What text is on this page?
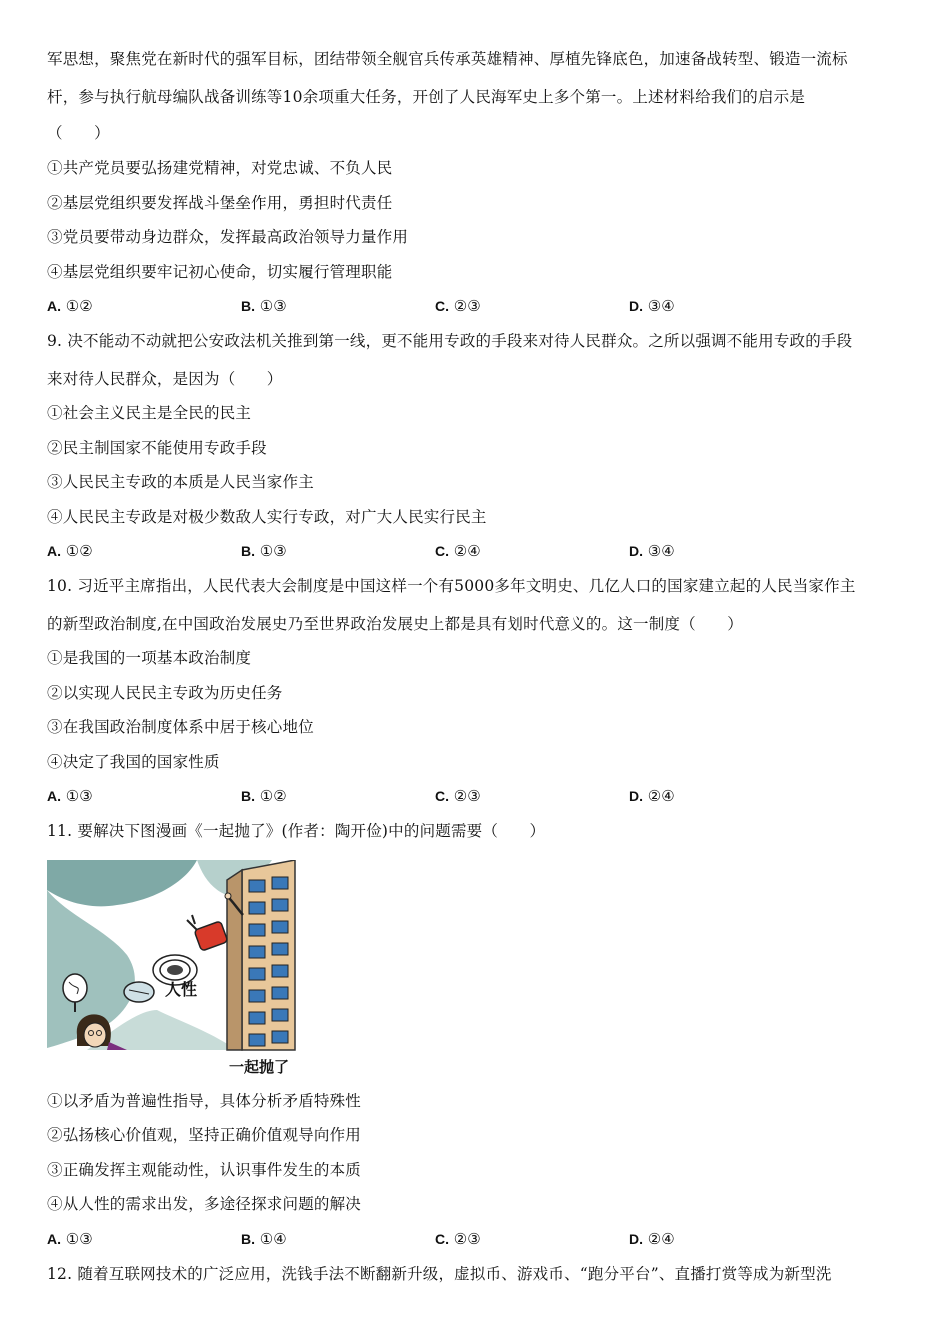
军思想，聚焦党在新时代的强军目标，团结带领全舰官兵传承英雄精神、厚植先锋底色，加速备战转型、锻造一流标
杆，参与执行航母编队战备训练等10余项重大任务，开创了人民海军史上多个第一。上述材料给我们的启示是
（　　）
①共产党员要弘扬建党精神，对党忠诚、不负人民
②基层党组织要发挥战斗堡垒作用，勇担时代责任
③党员要带动身边群众，发挥最高政治领导力量作用
④基层党组织要牢记初心使命，切实履行管理职能
A. ①②	B. ①③	C. ②③	D. ③④
9. 决不能动不动就把公安政法机关推到第一线，更不能用专政的手段来对待人民群众。之所以强调不能用专政的手段
来对待人民群众，是因为（　　）
①社会主义民主是全民的民主
②民主制国家不能使用专政手段
③人民民主专政的本质是人民当家作主
④人民民主专政是对极少数敌人实行专政，对广大人民实行民主
A. ①②	B. ①③	C. ②④	D. ③④
10. 习近平主席指出，人民代表大会制度是中国这样一个有5000多年文明史、几亿人口的国家建立起的人民当家作主
的新型政治制度,在中国政治发展史乃至世界政治发展史上都是具有划时代意义的。这一制度（　　）
①是我国的一项基本政治制度
②以实现人民民主专政为历史任务
③在我国政治制度体系中居于核心地位
④决定了我国的国家性质
A. ①③	B. ①②	C. ②③	D. ②④
11. 要解决下图漫画《一起抛了》(作者：陶开俭)中的问题需要（　　）
人性
一起抛了
①以矛盾为普遍性指导，具体分析矛盾特殊性
②弘扬核心价值观，坚持正确价值观导向作用
③正确发挥主观能动性，认识事件发生的本质
④从人性的需求出发，多途径探求问题的解决
A. ①③	B. ①④	C. ②③	D. ②④
12. 随着互联网技术的广泛应用，洗钱手法不断翻新升级，虚拟币、游戏币、“跑分平台”、直播打赏等成为新型洗
